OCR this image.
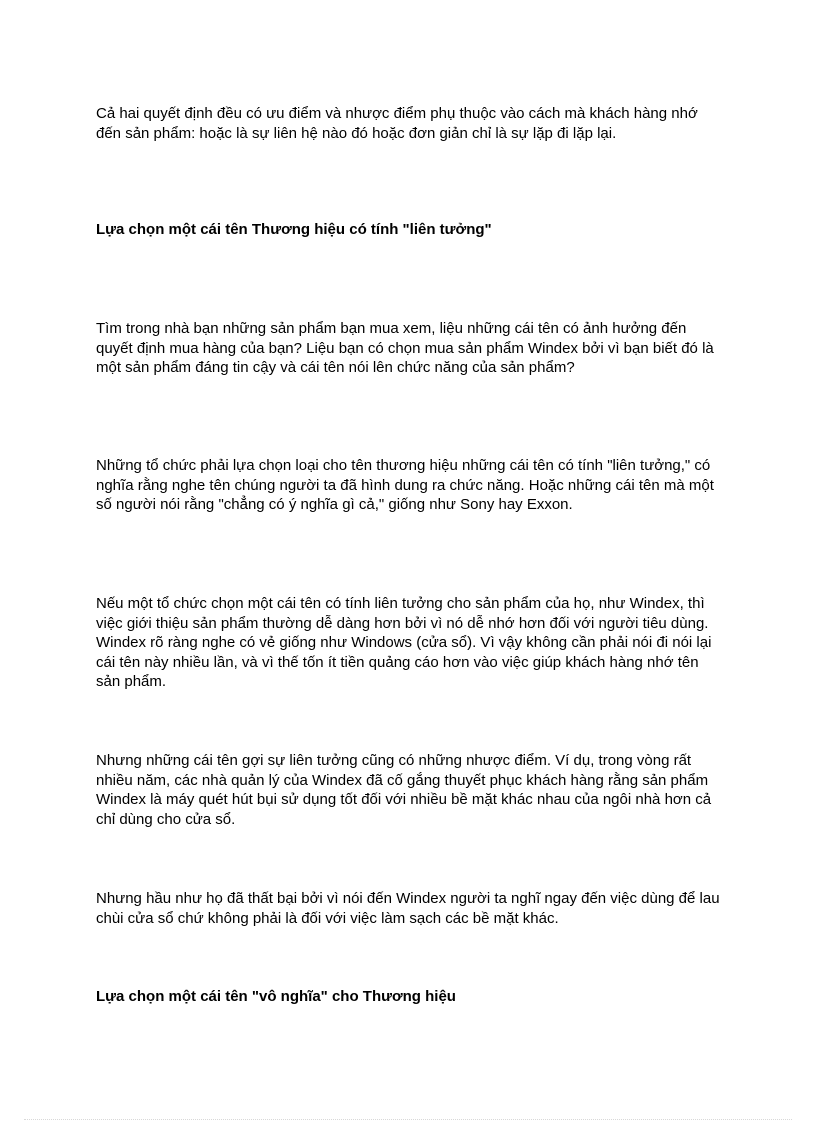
Cả hai quyết định đều có ưu điểm và nhược điểm phụ thuộc vào cách mà khách hàng nhớ đến sản phẩm: hoặc là sự liên hệ nào đó hoặc đơn giản chỉ là sự lặp đi lặp lại.

Lựa chọn một cái tên Thương hiệu có tính "liên tưởng"

Tìm trong nhà bạn những sản phẩm bạn mua xem, liệu những cái tên có ảnh hưởng đến quyết định mua hàng của bạn? Liệu bạn có chọn mua sản phẩm Windex bởi vì bạn biết đó là một sản phẩm đáng tin cậy và cái tên nói lên chức năng của sản phẩm?

Những tổ chức phải lựa chọn loại cho tên thương hiệu những cái tên có tính "liên tưởng," có nghĩa rằng nghe tên chúng người ta đã hình dung ra chức năng. Hoặc những cái tên mà một số người nói rằng "chẳng có ý nghĩa gì cả," giống như Sony hay Exxon.

Nếu một tổ chức chọn một cái tên có tính liên tưởng cho sản phẩm của họ, như Windex, thì việc giới thiệu sản phẩm thường dễ dàng hơn bởi vì nó dễ nhớ hơn đối với người tiêu dùng. Windex rõ ràng nghe có vẻ giống như Windows (cửa sổ). Vì vậy không cần phải nói đi nói lại cái tên này nhiều lần, và vì thế tốn ít tiền quảng cáo hơn vào việc giúp khách hàng nhớ tên sản phẩm.

Nhưng những cái tên gợi sự liên tưởng cũng có những nhược điểm. Ví dụ, trong vòng rất nhiều năm, các nhà quản lý của Windex đã cố gắng thuyết phục khách hàng rằng sản phẩm Windex là máy quét hút bụi sử dụng tốt đối với nhiều bề mặt khác nhau của ngôi nhà hơn cả chỉ dùng cho cửa sổ.

Nhưng hầu như họ đã thất bại bởi vì nói đến Windex người ta nghĩ ngay đến việc dùng để lau chùi cửa sổ chứ không phải là đối với việc làm sạch các bề mặt khác.

Lựa chọn một cái tên "vô nghĩa" cho Thương hiệu
